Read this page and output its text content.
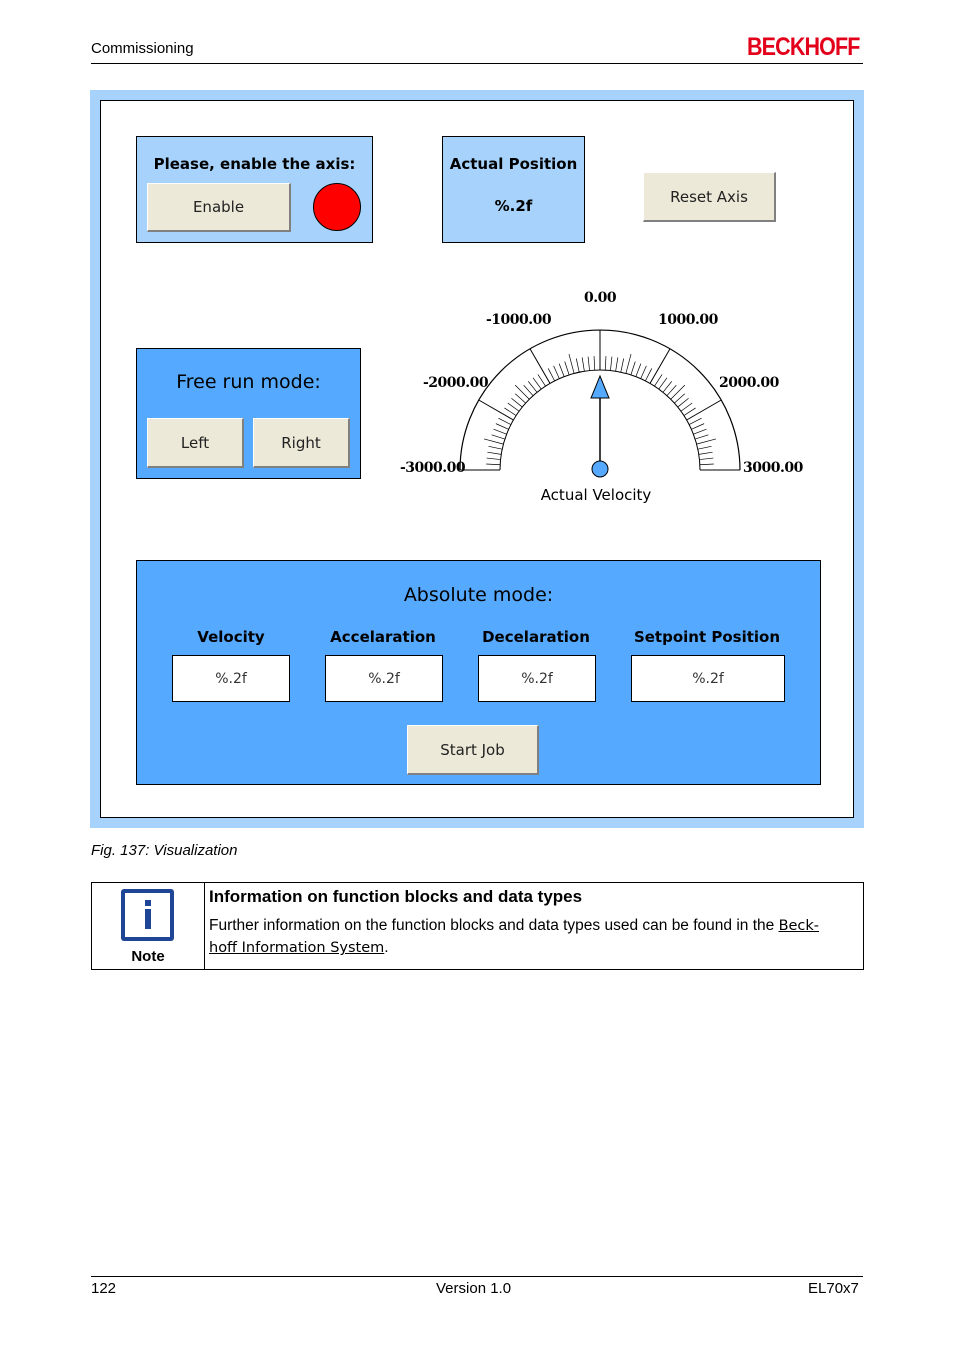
Commissioning	BECKHOFF
Please, enable the axis:
Enable
Actual Position
%.2f
Reset Axis
Free run mode:
Left	Right
-3000.00
-2000.00
-1000.00
0.00
1000.00
2000.00
3000.00
Actual Velocity
Absolute mode:
Velocity	Accelaration	Decelaration	Setpoint Position
%.2f	%.2f	%.2f	%.2f
Start Job
Fig. 137: Visualization
Note
Information on function blocks and data types
Further information on the function blocks and data types used can be found in the Beck-
hoff Information System.
122	Version 1.0	EL70x7
